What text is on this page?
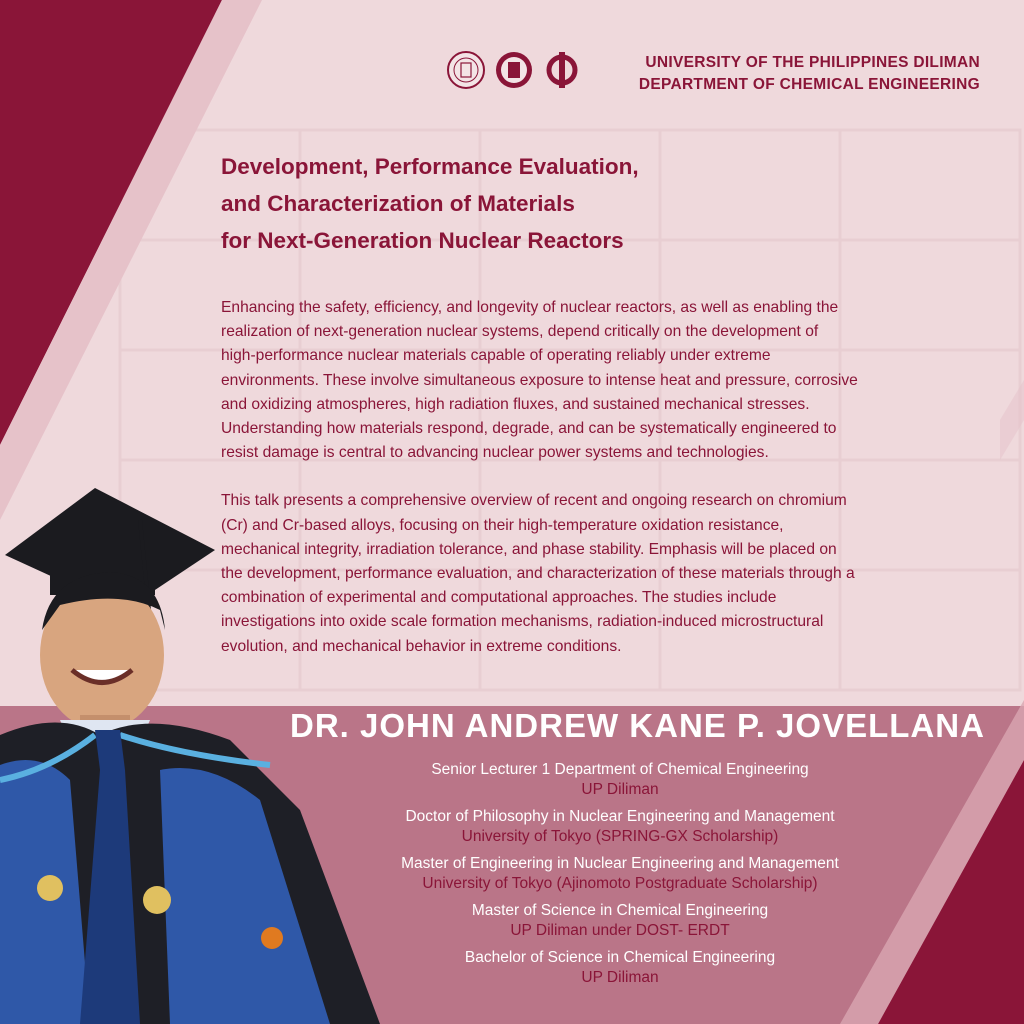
UNIVERSITY OF THE PHILIPPINES DILIMAN
DEPARTMENT OF CHEMICAL ENGINEERING
Development, Performance Evaluation,
and Characterization of Materials
for Next-Generation Nuclear Reactors

Enhancing the safety, efficiency, and longevity of nuclear reactors, as well as enabling the
realization of next-generation nuclear systems, depend critically on the development of
high-performance nuclear materials capable of operating reliably under extreme
environments. These involve simultaneous exposure to intense heat and pressure, corrosive
and oxidizing atmospheres, high radiation fluxes, and sustained mechanical stresses.
Understanding how materials respond, degrade, and can be systematically engineered to
resist damage is central to advancing nuclear power systems and technologies.

This talk presents a comprehensive overview of recent and ongoing research on chromium
(Cr) and Cr-based alloys, focusing on their high-temperature oxidation resistance,
mechanical integrity, irradiation tolerance, and phase stability. Emphasis will be placed on
the development, performance evaluation, and characterization of these materials through a
combination of experimental and computational approaches. The studies include
investigations into oxide scale formation mechanisms, radiation-induced microstructural
evolution, and mechanical behavior in extreme conditions.

DR. JOHN ANDREW KANE P. JOVELLANA
Senior Lecturer 1 Department of Chemical Engineering
UP Diliman
Doctor of Philosophy in Nuclear Engineering and Management
University of Tokyo (SPRING-GX Scholarship)
Master of Engineering in Nuclear Engineering and Management
University of Tokyo (Ajinomoto Postgraduate Scholarship)
Master of Science in Chemical Engineering
UP Diliman under DOST- ERDT
Bachelor of Science in Chemical Engineering
UP Diliman
